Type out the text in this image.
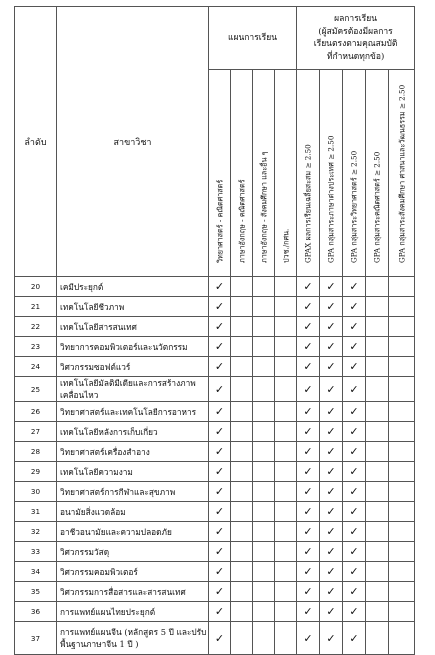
ลำดับ	สาขาวิชา	แผนการเรียน				ผลการเรียน
(ผู้สมัครต้องมีผลการ
เรียนตรงตามคุณสมบัติ
ที่กำหนดทุกข้อ)				

		วิทยาศาสตร์ - คณิตศาสตร์	ภาษาอังกฤษ - คณิตศาสตร์	ภาษาอังกฤษ - สังคมศึกษา และอื่น ๆ	ปวช./กศน.	GPAX ผลการเรียนเฉลี่ยสะสม ≥ 2.50	GPA กลุ่มสาระภาษาต่างประเทศ ≥ 2.50	GPA กลุ่มสาระวิทยาศาสตร์ ≥ 2.50	GPA กลุ่มสาระคณิตศาสตร์ ≥ 2.50	GPA กลุ่มสาระสังคมศึกษา ศาสนาและวัฒนธรรม ≥ 2.50

20	เคมีประยุกต์	✓				✓	✓	✓		
21	เทคโนโลยีชีวภาพ	✓				✓	✓	✓		
22	เทคโนโลยีสารสนเทศ	✓				✓	✓	✓		
23	วิทยาการคอมพิวเตอร์และนวัตกรรม	✓				✓	✓	✓		
24	วิศวกรรมซอฟต์แวร์	✓				✓	✓	✓		
25	เทคโนโลยีมัลติมีเดียและการสร้างภาพเคลื่อนไหว	✓				✓	✓	✓		
26	วิทยาศาสตร์และเทคโนโลยีการอาหาร	✓				✓	✓	✓		
27	เทคโนโลยีหลังการเก็บเกี่ยว	✓				✓	✓	✓		
28	วิทยาศาสตร์เครื่องสำอาง	✓				✓	✓	✓		
29	เทคโนโลยีความงาม	✓				✓	✓	✓		
30	วิทยาศาสตร์การกีฬาและสุขภาพ	✓				✓	✓	✓		
31	อนามัยสิ่งแวดล้อม	✓				✓	✓	✓		
32	อาชีวอนามัยและความปลอดภัย	✓				✓	✓	✓		
33	วิศวกรรมวัสดุ	✓				✓	✓	✓		
34	วิศวกรรมคอมพิวเตอร์	✓				✓	✓	✓		
35	วิศวกรรมการสื่อสารและสารสนเทศ	✓				✓	✓	✓		
36	การแพทย์แผนไทยประยุกต์	✓				✓	✓	✓		
37	การแพทย์แผนจีน (หลักสูตร 5 ปี และปรับพื้นฐานภาษาจีน 1 ปี )	✓				✓	✓	✓		
